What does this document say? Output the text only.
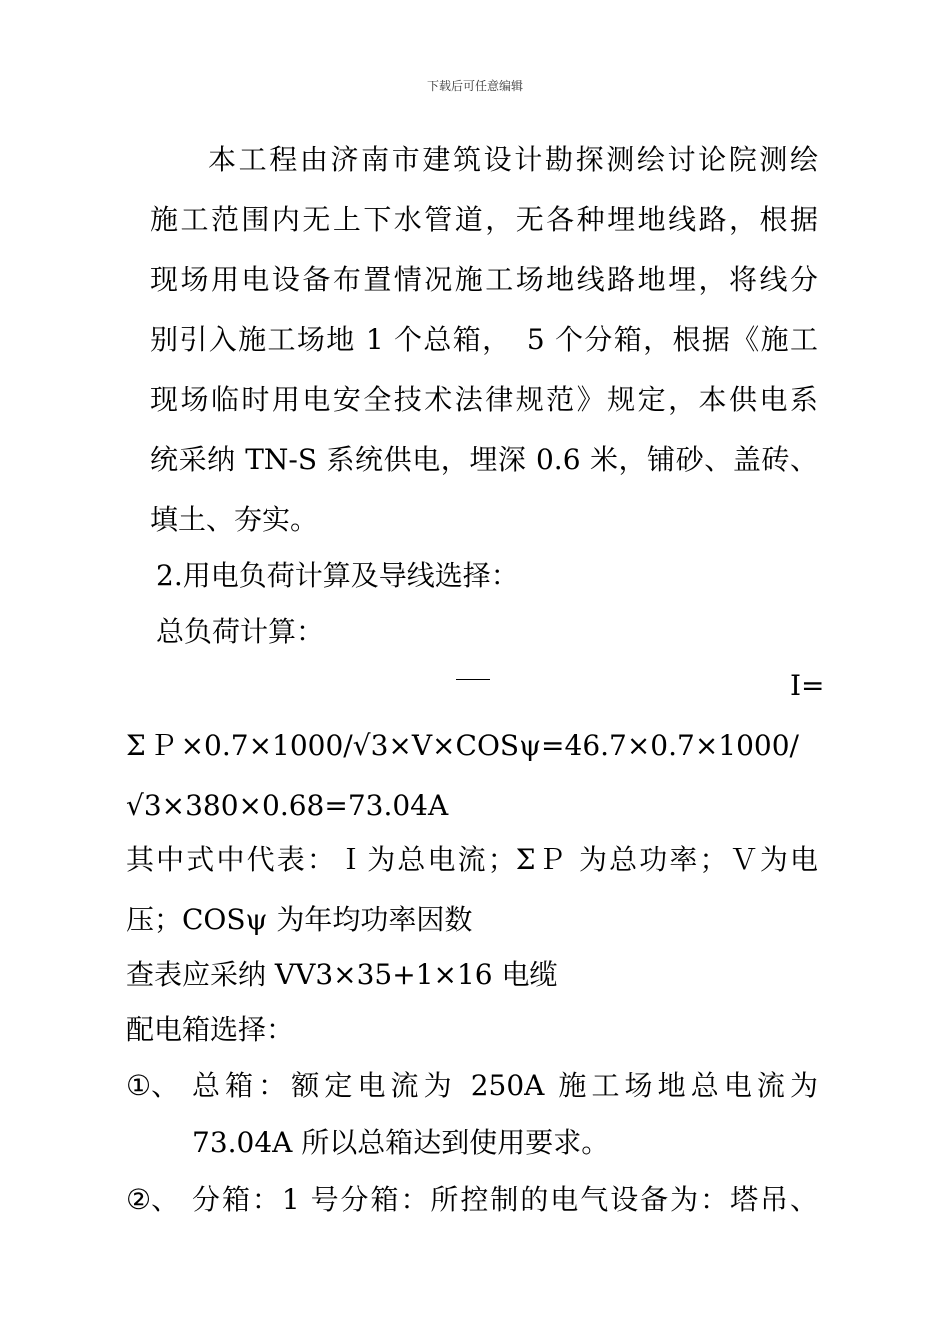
下载后可任意编辑
本工程由济南市建筑设计勘探测绘讨论院测绘
施工范围内无上下水管道，无各种埋地线路，根据
现场用电设备布置情况施工场地线路地埋，将线分
别引入施工场地 1 个总箱，　5 个分箱，根据《施工
现场临时用电安全技术法律规范》规定，本供电系
统采纳 TN-S 系统供电，埋深 0.6 米，铺砂、盖砖、
填土、夯实。
2.用电负荷计算及导线选择：
总负荷计算：
I=
ΣＰ×0.7×1000/√3×V×COSψ=46.7×0.7×1000/
√3×380×0.68=73.04A
其中式中代表：Ｉ为总电流；ΣＰ 为总功率；Ｖ为电
压；COSψ 为年均功率因数
查表应采纳 VV3×35+1×16 电缆
配电箱选择：
①、 总箱：额定电流为 250A 施工场地总电流为
73.04A 所以总箱达到使用要求。
②、 分箱：1 号分箱：所控制的电气设备为：塔吊、
